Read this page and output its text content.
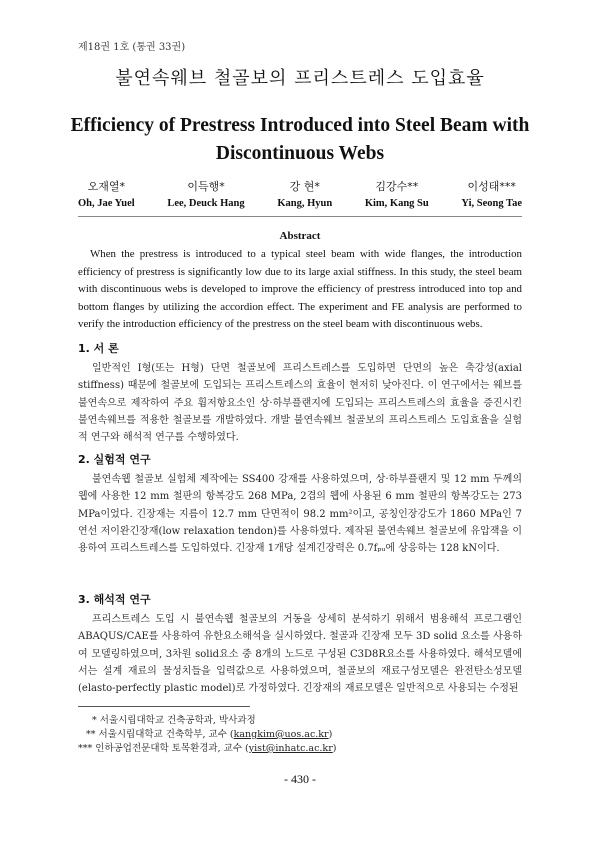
제18권 1호 (통권 33권)
불연속웨브 철골보의 프리스트레스 도입효율
Efficiency of Prestress Introduced into Steel Beam with Discontinuous Webs
오재열*
Oh, Jae Yuel
이득행*
Lee, Deuck Hang
강 현*
Kang, Hyun
김강수**
Kim, Kang Su
이성태***
Yi, Seong Tae
Abstract
When the prestress is introduced to a typical steel beam with wide flanges, the introduction efficiency of prestress is significantly low due to its large axial stiffness. In this study, the steel beam with discontinuous webs is developed to improve the efficiency of prestress introduced into top and bottom flanges by utilizing the accordion effect. The experiment and FE analysis are performed to verify the introduction efficiency of the prestress on the steel beam with discontinuous webs.
1. 서 론
일반적인 I형(또는 H형) 단면 철골보에 프리스트레스를 도입하면 단면의 높은 축강성(axial stiffness) 때문에 철골보에 도입되는 프리스트레스의 효율이 현저히 낮아진다. 이 연구에서는 웨브를 불연속으로 제작하여 주요 휨저항요소인 상·하부플랜지에 도입되는 프리스트레스의 효율을 증진시킨 불연속웨브를 적용한 철골보를 개발하였다. 개발 불연속웨브 철골보의 프리스트레스 도입효율을 실험적 연구와 해석적 연구를 수행하였다.
2. 실험적 연구
불연속웹 철골보 실험체 제작에는 SS400 강재를 사용하였으며, 상·하부플랜지 및 12 mm 두께의 웹에 사용한 12 mm 철판의 항복강도 268 MPa, 2겹의 웹에 사용된 6 mm 철판의 항복강도는 273 MPa이었다. 긴장재는 지름이 12.7 mm 단면적이 98.2 mm²이고, 공칭인장강도가 1860 MPa인 7연선 저이완긴장재(low relaxation tendon)를 사용하였다. 제작된 불연속웨브 철골보에 유압잭을 이용하여 프리스트레스를 도입하였다. 긴장재 1개당 설계긴장력은 0.7fₚᵤ에 상응하는 128 kN이다.
3. 해석적 연구
프리스트레스 도입 시 불연속웹 철골보의 거동을 상세히 분석하기 위해서 범용해석 프로그램인 ABAQUS/CAE를 사용하여 유한요소해석을 실시하였다. 철골과 긴장재 모두 3D solid 요소를 사용하여 모델링하였으며, 3차원 solid요소 중 8개의 노드로 구성된 C3D8R요소를 사용하였다. 해석모델에서는 설계 재료의 물성치들을 입력값으로 사용하였으며, 철골보의 재료구성모델은 완전탄소성모델(elasto-perfectly plastic model)로 가정하였다. 긴장재의 재료모델은 일반적으로 사용되는 수정된
* 서울시립대학교 건축공학과, 박사과정
** 서울시립대학교 건축학부, 교수 (kangkim@uos.ac.kr)
*** 인하공업전문대학 토목환경과, 교수 (yist@inhatc.ac.kr)
- 430 -
